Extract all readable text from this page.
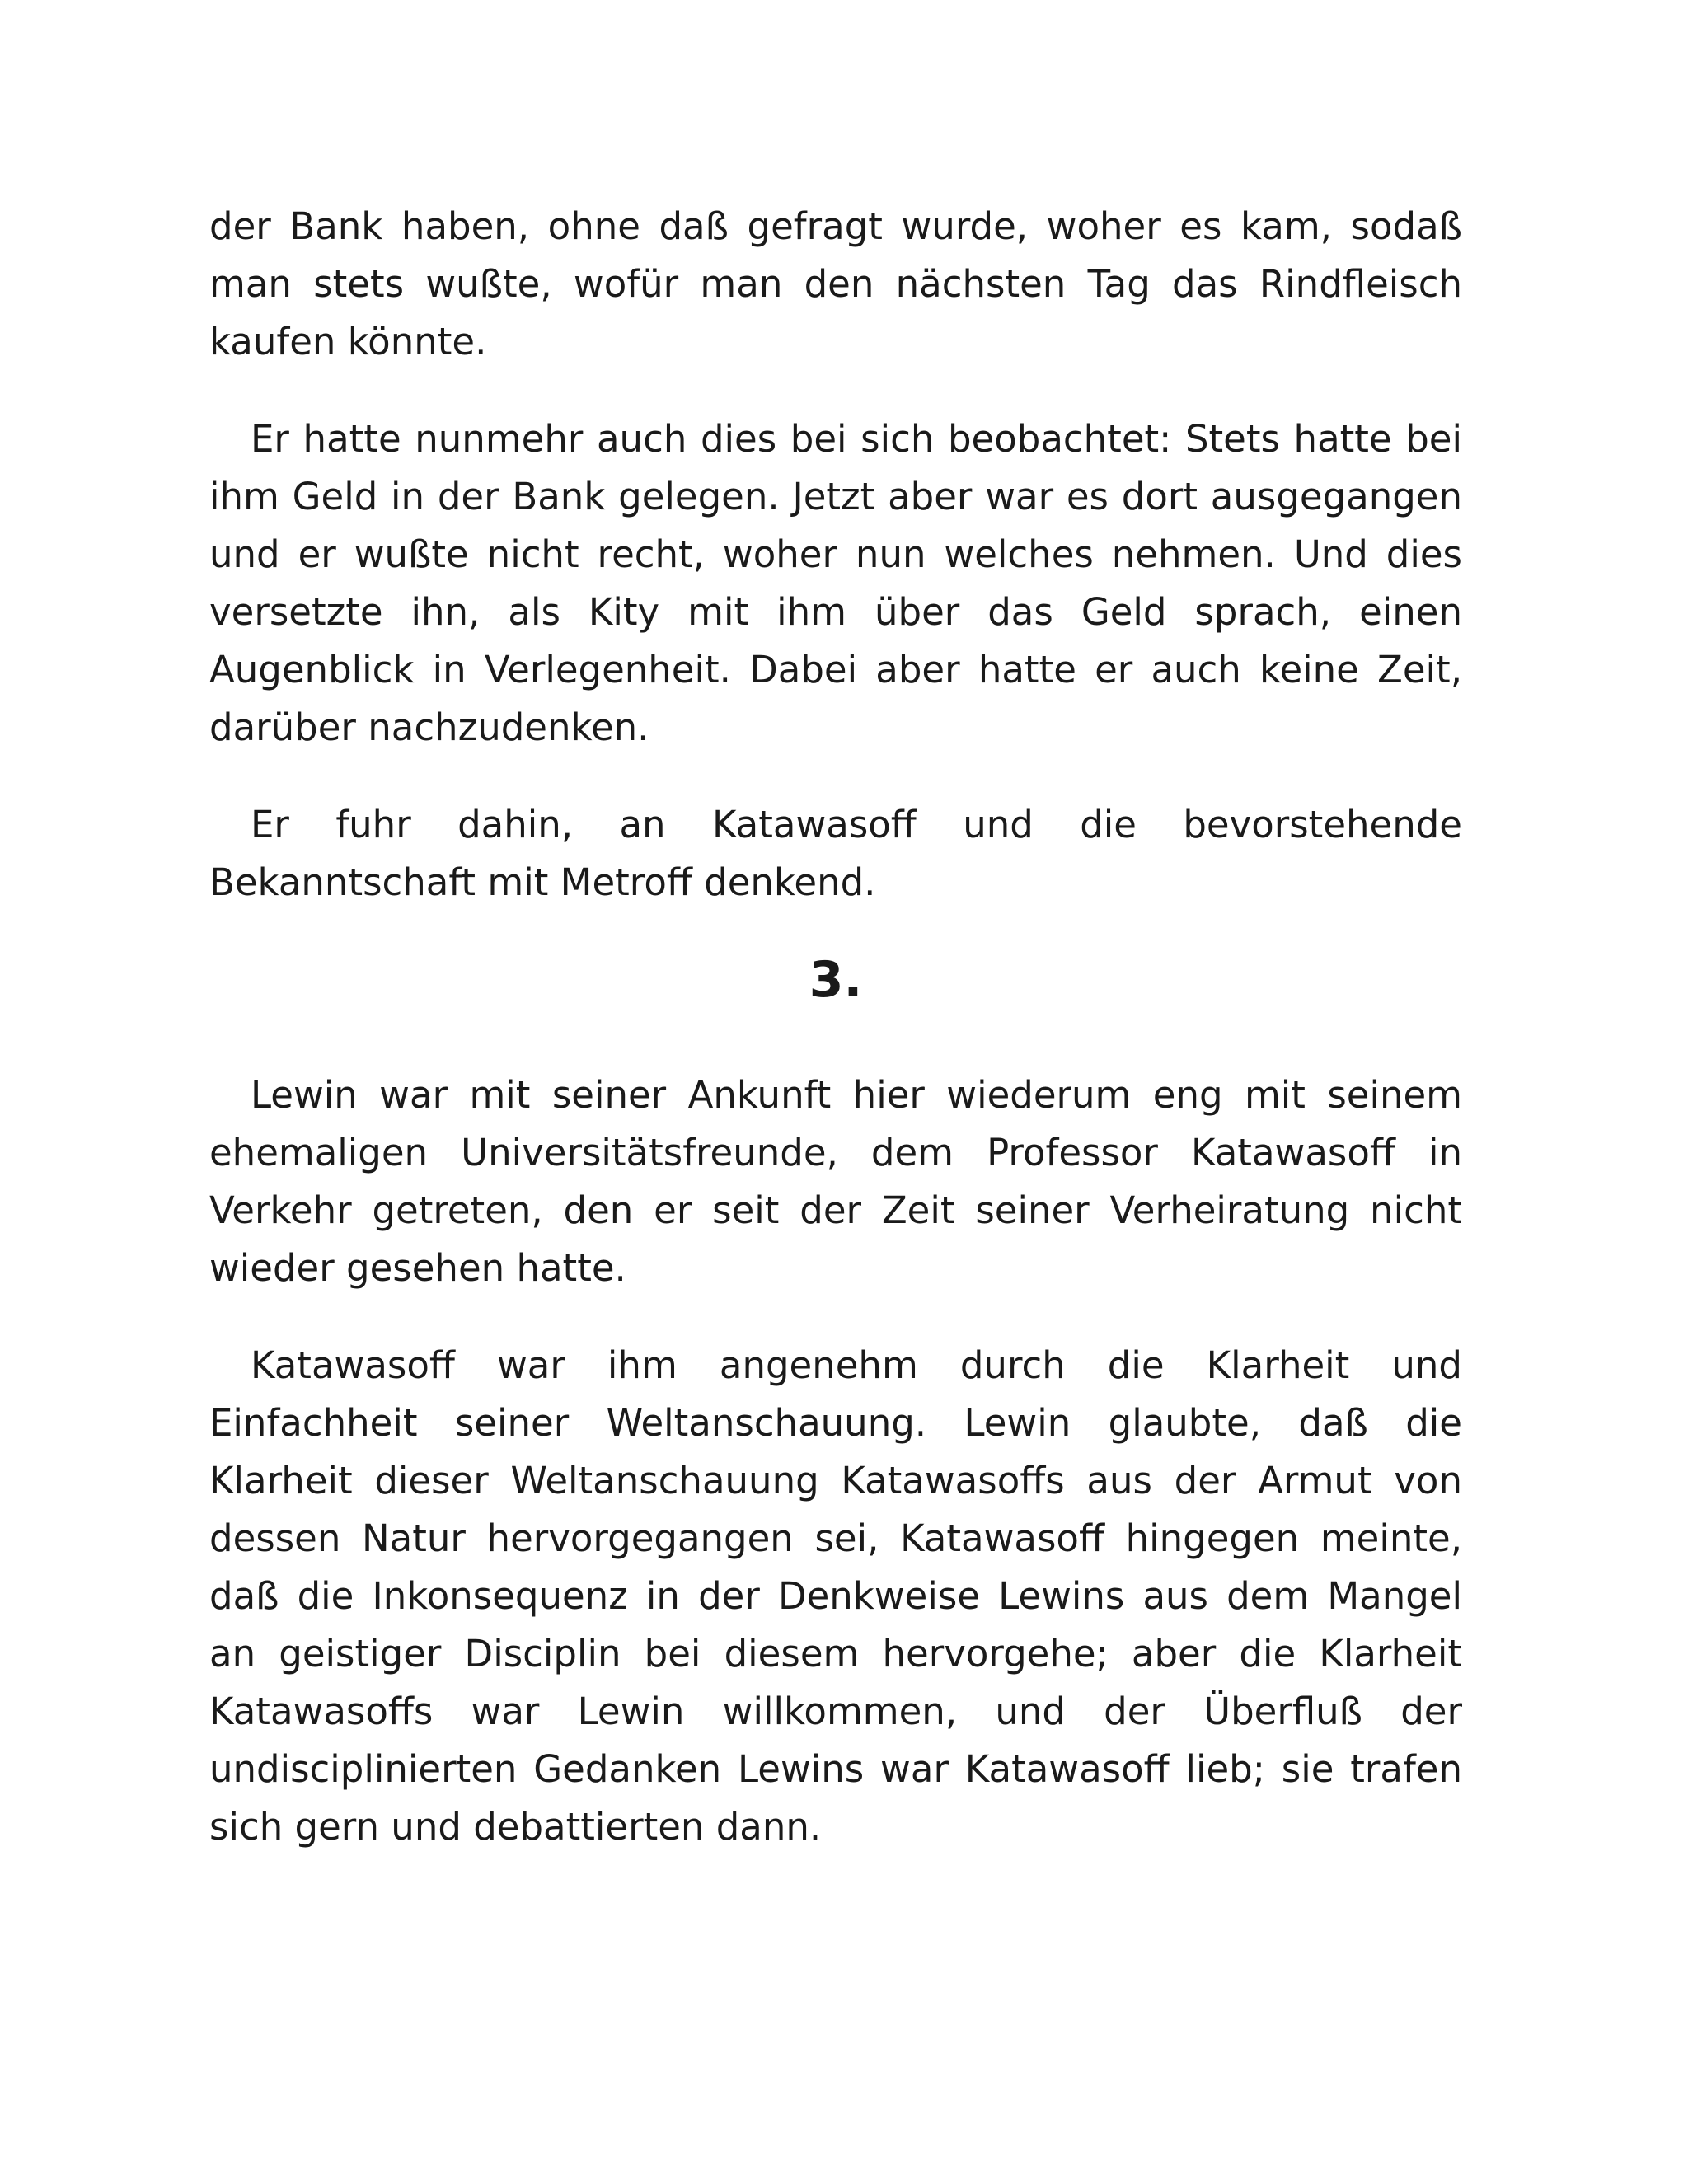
der Bank haben, ohne daß gefragt wurde, woher es kam, sodaß man stets wußte, wofür man den nächsten Tag das Rindfleisch kaufen könnte.

Er hatte nunmehr auch dies bei sich beobachtet: Stets hatte bei ihm Geld in der Bank gelegen. Jetzt aber war es dort ausgegangen und er wußte nicht recht, woher nun welches nehmen. Und dies versetzte ihn, als Kity mit ihm über das Geld sprach, einen Augenblick in Verlegenheit. Dabei aber hatte er auch keine Zeit, darüber nachzudenken.

Er fuhr dahin, an Katawasoff und die bevorstehende Bekanntschaft mit Metroff denkend.

3.

Lewin war mit seiner Ankunft hier wiederum eng mit seinem ehemaligen Universitätsfreunde, dem Professor Katawasoff in Verkehr getreten, den er seit der Zeit seiner Verheiratung nicht wieder gesehen hatte.

Katawasoff war ihm angenehm durch die Klarheit und Einfachheit seiner Weltanschauung. Lewin glaubte, daß die Klarheit dieser Weltanschauung Katawasoffs aus der Armut von dessen Natur hervorgegangen sei, Katawasoff hingegen meinte, daß die Inkonsequenz in der Denkweise Lewins aus dem Mangel an geistiger Disciplin bei diesem hervorgehe; aber die Klarheit Katawasoffs war Lewin willkommen, und der Überfluß der undisciplinierten Gedanken Lewins war Katawasoff lieb; sie trafen sich gern und debattierten dann.
